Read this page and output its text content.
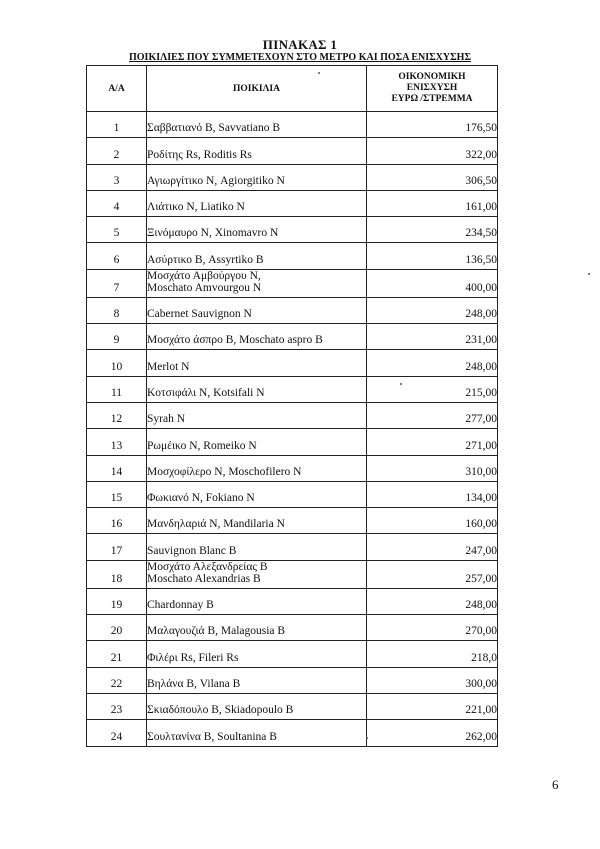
ΠΙΝΑΚΑΣ 1
ΠΟΙΚΙΛΙΕΣ ΠΟΥ ΣΥΜΜΕΤΕΧΟΥΝ ΣΤΟ ΜΕΤΡΟ ΚΑΙ ΠΟΣΑ ΕΝΙΣΧΥΣΗΣ
Α/Α	ΠΟΙΚΙΛΙΑ	ΟΙΚΟΝΟΜΙΚΗ
ΕΝΙΣΧΥΣΗ
ΕΥΡΩ /ΣΤΡΕΜΜΑ

1	Σαββατιανό Β, Savvatiano B	176,50
2	Ροδίτης Rs, Roditis Rs	322,00
3	Αγιωργίτικο Ν, Agiorgitiko N	306,50
4	Λιάτικο Ν, Liatiko N	161,00
5	Ξινόμαυρο Ν, Xinomavro N	234,50
6	Ασύρτικο Β, Assyrtiko B	136,50
7	Μοσχάτο Αμβούργου Ν,
Moschato Amvourgou N	400,00
8	Cabernet Sauvignon N	248,00
9	Μοσχάτο άσπρο Β, Moschato aspro B	231,00
10	Merlot N	248,00
11	Κοτσιφάλι Ν, Kotsifali N	215,00
12	Syrah N	277,00
13	Ρωμέικο Ν, Romeiko N	271,00
14	Μοσχοφίλερο Ν, Moschofilero N	310,00
15	Φωκιανό Ν, Fokiano N	134,00
16	Μανδηλαριά Ν, Mandilaria N	160,00
17	Sauvignon Blanc B	247,00
18	Μοσχάτο Αλεξανδρείας Β
Moschato Alexandrias B	257,00
19	Chardonnay B	248,00
20	Μαλαγουζιά Β, Malagousia B	270,00
21	Φιλέρι Rs, Fileri Rs	218,0
22	Βηλάνα Β, Vilana B	300,00
23	Σκιαδόπουλο Β, Skiadopoulo B	221,00
24	Σουλτανίνα Β, Soultanina B	262,00
6
